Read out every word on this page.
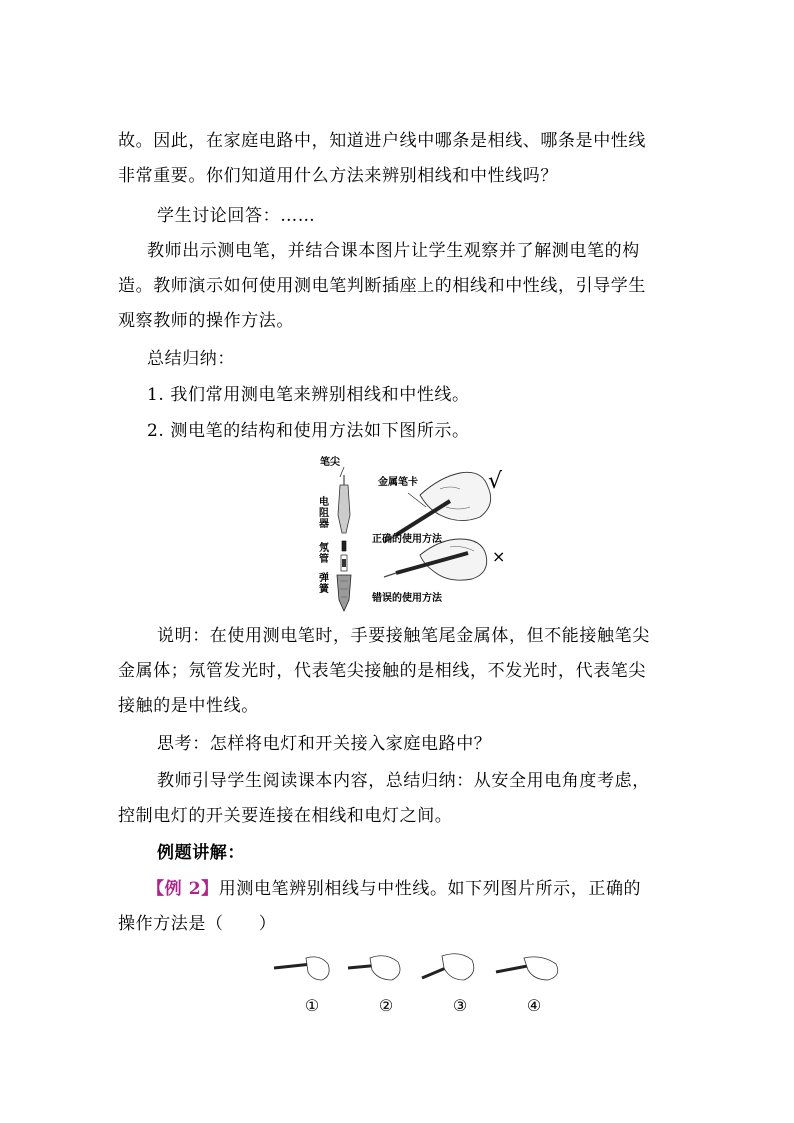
故。因此，在家庭电路中，知道进户线中哪条是相线、哪条是中性线
非常重要。你们知道用什么方法来辨别相线和中性线吗？
学生讨论回答：……
教师出示测电笔，并结合课本图片让学生观察并了解测电笔的构
造。教师演示如何使用测电笔判断插座上的相线和中性线，引导学生
观察教师的操作方法。
总结归纳：
1. 我们常用测电笔来辨别相线和中性线。
2. 测电笔的结构和使用方法如下图所示。
笔尖
金属笔卡
正确的使用方法
错误的使用方法
电阻器
氖管
弹簧
√
×
说明：在使用测电笔时，手要接触笔尾金属体，但不能接触笔尖
金属体；氖管发光时，代表笔尖接触的是相线，不发光时，代表笔尖
接触的是中性线。
思考：怎样将电灯和开关接入家庭电路中？
教师引导学生阅读课本内容，总结归纳：从安全用电角度考虑，
控制电灯的开关要连接在相线和电灯之间。
例题讲解：
【例 2】用测电笔辨别相线与中性线。如下列图片所示，正确的
操作方法是（　　）
①	②	③	④
